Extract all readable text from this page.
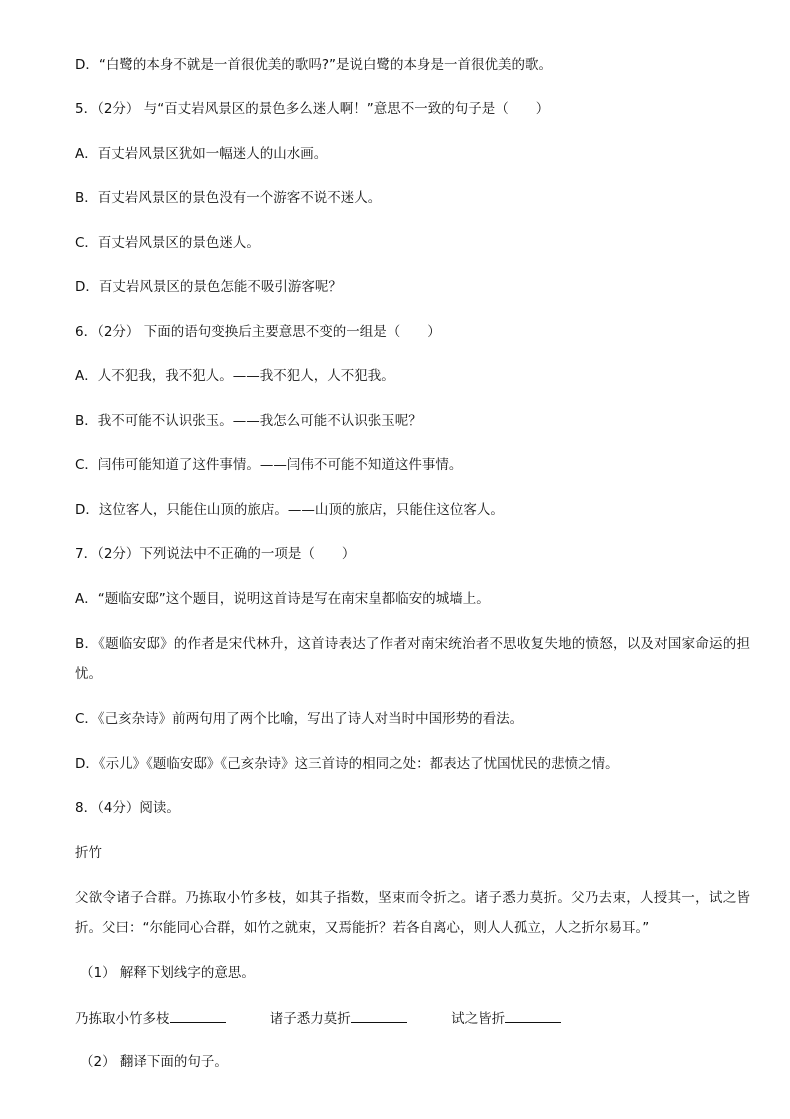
D．“白鹭的本身不就是一首很优美的歌吗?”是说白鹭的本身是一首很优美的歌。
5．（2分） 与“百丈岩风景区的景色多么迷人啊！”意思不一致的句子是（　　）
A．百丈岩风景区犹如一幅迷人的山水画。
B．百丈岩风景区的景色没有一个游客不说不迷人。
C．百丈岩风景区的景色迷人。
D．百丈岩风景区的景色怎能不吸引游客呢？
6．（2分） 下面的语句变换后主要意思不变的一组是（　　）
A．人不犯我，我不犯人。——我不犯人，人不犯我。
B．我不可能不认识张玉。——我怎么可能不认识张玉呢？
C．闫伟可能知道了这件事情。——闫伟不可能不知道这件事情。
D．这位客人，只能住山顶的旅店。——山顶的旅店，只能住这位客人。
7．（2分）下列说法中不正确的一项是（　　）
A．“题临安邸”这个题目，说明这首诗是写在南宋皇都临安的城墙上。
B．《题临安邸》的作者是宋代林升，这首诗表达了作者对南宋统治者不思收复失地的愤怒，以及对国家命运的担忧。
C．《己亥杂诗》前两句用了两个比喻，写出了诗人对当时中国形势的看法。
D．《示儿》《题临安邸》《己亥杂诗》这三首诗的相同之处：都表达了忧国忧民的悲愤之情。
8．（4分）阅读。
折竹
父欲令诸子合群。乃拣取小竹多枝，如其子指数，坚束而令折之。诸子悉力莫折。父乃去束，人授其一，试之皆折。父曰：“尔能同心合群，如竹之就束，又焉能折？若各自离心，则人人孤立，人之折尔易耳。”
（1） 解释下划线字的意思。
乃拣取小竹多枝	诸子悉力莫折	试之皆折
（2） 翻译下面的句子。
